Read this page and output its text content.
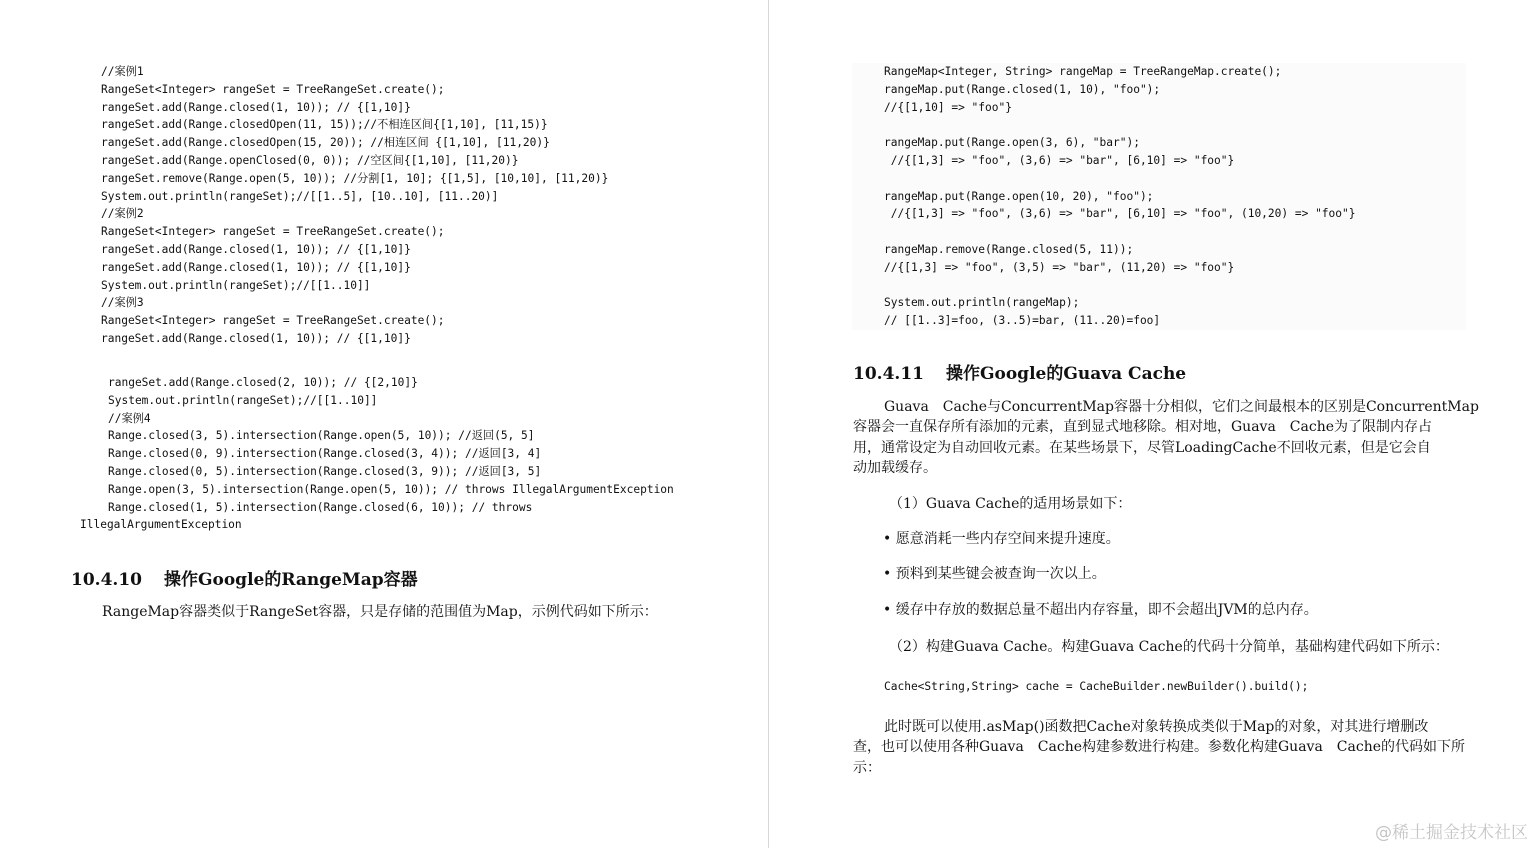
//案例1
RangeSet<Integer> rangeSet = TreeRangeSet.create();
rangeSet.add(Range.closed(1, 10)); // {[1,10]}
rangeSet.add(Range.closedOpen(11, 15));//不相连区间{[1,10], [11,15)}
rangeSet.add(Range.closedOpen(15, 20)); //相连区间 {[1,10], [11,20)}
rangeSet.add(Range.openClosed(0, 0)); //空区间{[1,10], [11,20)}
rangeSet.remove(Range.open(5, 10)); //分割[1, 10]; {[1,5], [10,10], [11,20)}
System.out.println(rangeSet);//[[1..5], [10..10], [11..20)]
//案例2
RangeSet<Integer> rangeSet = TreeRangeSet.create();
rangeSet.add(Range.closed(1, 10)); // {[1,10]}
rangeSet.add(Range.closed(1, 10)); // {[1,10]}
System.out.println(rangeSet);//[[1..10]]
//案例3
RangeSet<Integer> rangeSet = TreeRangeSet.create();
rangeSet.add(Range.closed(1, 10)); // {[1,10]}
rangeSet.add(Range.closed(2, 10)); // {[2,10]}
System.out.println(rangeSet);//[[1..10]]
//案例4
Range.closed(3, 5).intersection(Range.open(5, 10)); //返回(5, 5]
Range.closed(0, 9).intersection(Range.closed(3, 4)); //返回[3, 4]
Range.closed(0, 5).intersection(Range.closed(3, 9)); //返回[3, 5]
Range.open(3, 5).intersection(Range.open(5, 10)); // throws IllegalArgumentException
Range.closed(1, 5).intersection(Range.closed(6, 10)); // throws
IllegalArgumentException
10.4.10 操作Google的RangeMap容器

RangeMap容器类似于RangeSet容器，只是存储的范围值为Map，示例代码如下所示：

RangeMap<Integer, String> rangeMap = TreeRangeMap.create();
rangeMap.put(Range.closed(1, 10), "foo");
//{[1,10] => "foo"}
rangeMap.put(Range.open(3, 6), "bar");
//{[1,3] => "foo", (3,6) => "bar", [6,10] => "foo"}
rangeMap.put(Range.open(10, 20), "foo");
//{[1,3] => "foo", (3,6) => "bar", [6,10] => "foo", (10,20) => "foo"}
rangeMap.remove(Range.closed(5, 11));
//{[1,3] => "foo", (3,5) => "bar", (11,20) => "foo"}
System.out.println(rangeMap);
// [[1..3]=foo, (3..5)=bar, (11..20)=foo]
10.4.11 操作Google的Guava Cache
Guava　Cache与ConcurrentMap容器十分相似，它们之间最根本的区别是ConcurrentMap
容器会一直保存所有添加的元素，直到显式地移除。相对地，Guava　Cache为了限制内存占
用，通常设定为自动回收元素。在某些场景下，尽管LoadingCache不回收元素，但是它会自
动加载缓存。

（1）Guava Cache的适用场景如下：

• 愿意消耗一些内存空间来提升速度。

• 预料到某些键会被查询一次以上。

• 缓存中存放的数据总量不超出内存容量，即不会超出JVM的总内存。

（2）构建Guava Cache。构建Guava Cache的代码十分简单，基础构建代码如下所示：

Cache<String,String> cache = CacheBuilder.newBuilder().build();
此时既可以使用.asMap()函数把Cache对象转换成类似于Map的对象，对其进行增删改
查，也可以使用各种Guava　Cache构建参数进行构建。参数化构建Guava　Cache的代码如下所
示：
@稀土掘金技术社区
